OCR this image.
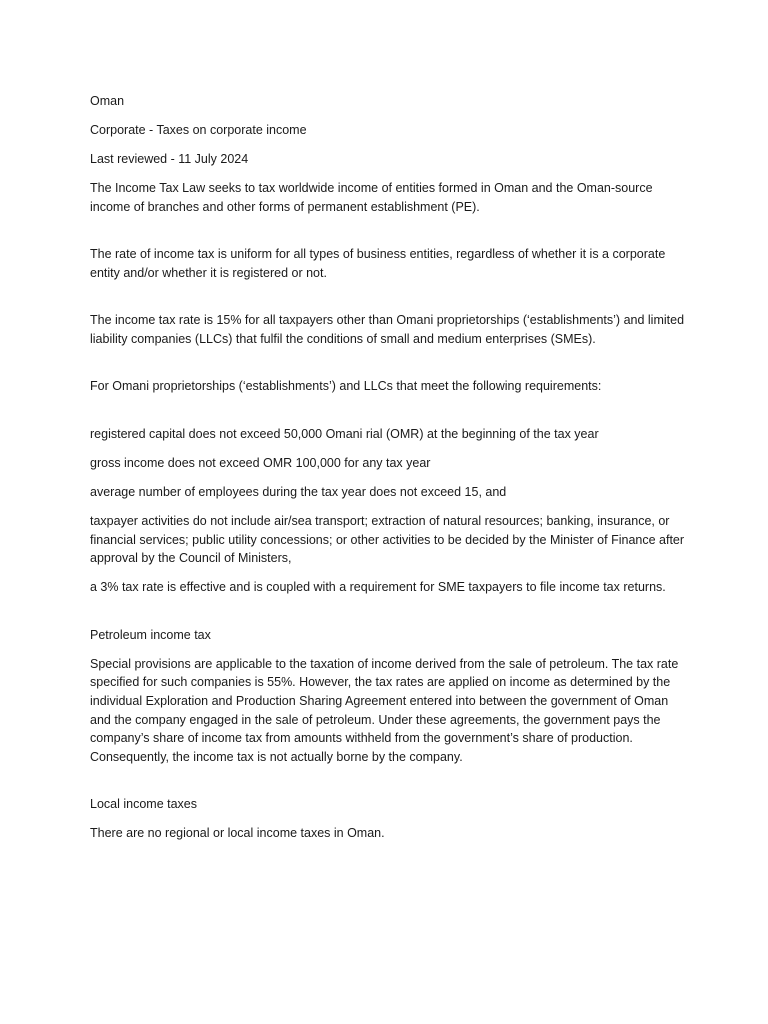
Oman

Corporate - Taxes on corporate income

Last reviewed - 11 July 2024

The Income Tax Law seeks to tax worldwide income of entities formed in Oman and the Oman-source income of branches and other forms of permanent establishment (PE).

The rate of income tax is uniform for all types of business entities, regardless of whether it is a corporate entity and/or whether it is registered or not.

The income tax rate is 15% for all taxpayers other than Omani proprietorships (‘establishments’) and limited liability companies (LLCs) that fulfil the conditions of small and medium enterprises (SMEs).

For Omani proprietorships (‘establishments’) and LLCs that meet the following requirements:

registered capital does not exceed 50,000 Omani rial (OMR) at the beginning of the tax year

gross income does not exceed OMR 100,000 for any tax year

average number of employees during the tax year does not exceed 15, and

taxpayer activities do not include air/sea transport; extraction of natural resources; banking, insurance, or financial services; public utility concessions; or other activities to be decided by the Minister of Finance after approval by the Council of Ministers,

a 3% tax rate is effective and is coupled with a requirement for SME taxpayers to file income tax returns.

Petroleum income tax

Special provisions are applicable to the taxation of income derived from the sale of petroleum. The tax rate specified for such companies is 55%. However, the tax rates are applied on income as determined by the individual Exploration and Production Sharing Agreement entered into between the government of Oman and the company engaged in the sale of petroleum. Under these agreements, the government pays the company’s share of income tax from amounts withheld from the government’s share of production. Consequently, the income tax is not actually borne by the company.

Local income taxes

There are no regional or local income taxes in Oman.
